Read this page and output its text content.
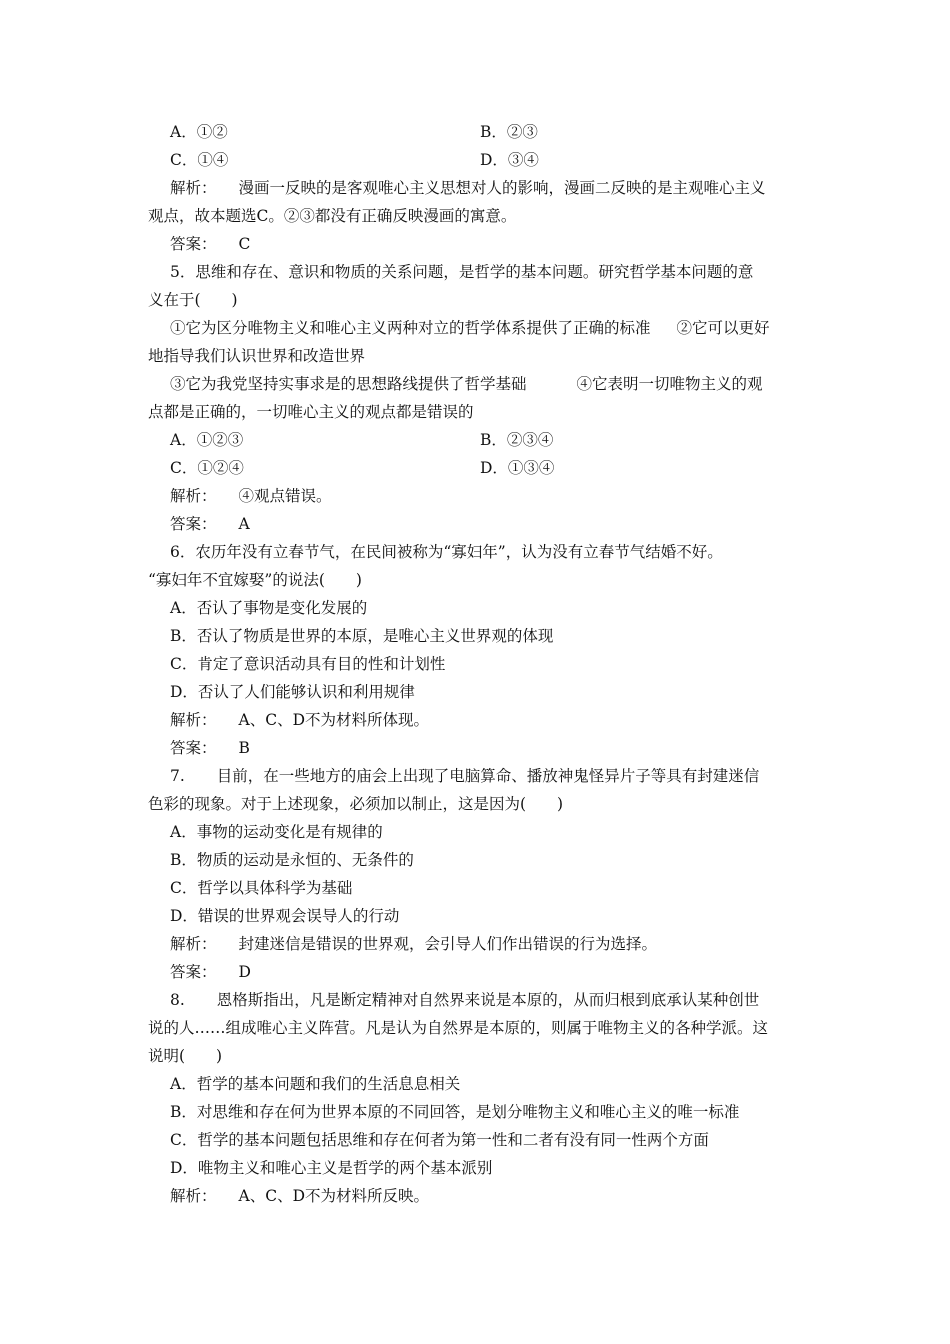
A．①②	B．②③
C．①④	D．③④
解析： 漫画一反映的是客观唯心主义思想对人的影响，漫画二反映的是主观唯心主义
观点，故本题选C。②③都没有正确反映漫画的寓意。
答案： C
5．思维和存在、意识和物质的关系问题，是哲学的基本问题。研究哲学基本问题的意
义在于(　　)
①它为区分唯物主义和唯心主义两种对立的哲学体系提供了正确的标准 ②它可以更好
地指导我们认识世界和改造世界
③它为我党坚持实事求是的思想路线提供了哲学基础	④它表明一切唯物主义的观
点都是正确的，一切唯心主义的观点都是错误的
A．①②③	B．②③④
C．①②④	D．①③④
解析： ④观点错误。
答案： A
6．农历年没有立春节气，在民间被称为“寡妇年”，认为没有立春节气结婚不好。
“寡妇年不宜嫁娶”的说法(　　)
A．否认了事物是变化发展的
B．否认了物质是世界的本原，是唯心主义世界观的体现
C．肯定了意识活动具有目的性和计划性
D．否认了人们能够认识和利用规律
解析： A、C、D不为材料所体现。
答案： B
7. 目前，在一些地方的庙会上出现了电脑算命、播放神鬼怪异片子等具有封建迷信
色彩的现象。对于上述现象，必须加以制止，这是因为(　　)
A．事物的运动变化是有规律的
B．物质的运动是永恒的、无条件的
C．哲学以具体科学为基础
D．错误的世界观会误导人的行动
解析： 封建迷信是错误的世界观，会引导人们作出错误的行为选择。
答案： D
8. 恩格斯指出，凡是断定精神对自然界来说是本原的，从而归根到底承认某种创世
说的人……组成唯心主义阵营。凡是认为自然界是本原的，则属于唯物主义的各种学派。这
说明(　　)
A．哲学的基本问题和我们的生活息息相关
B．对思维和存在何为世界本原的不同回答，是划分唯物主义和唯心主义的唯一标准
C．哲学的基本问题包括思维和存在何者为第一性和二者有没有同一性两个方面
D．唯物主义和唯心主义是哲学的两个基本派别
解析： A、C、D不为材料所反映。
